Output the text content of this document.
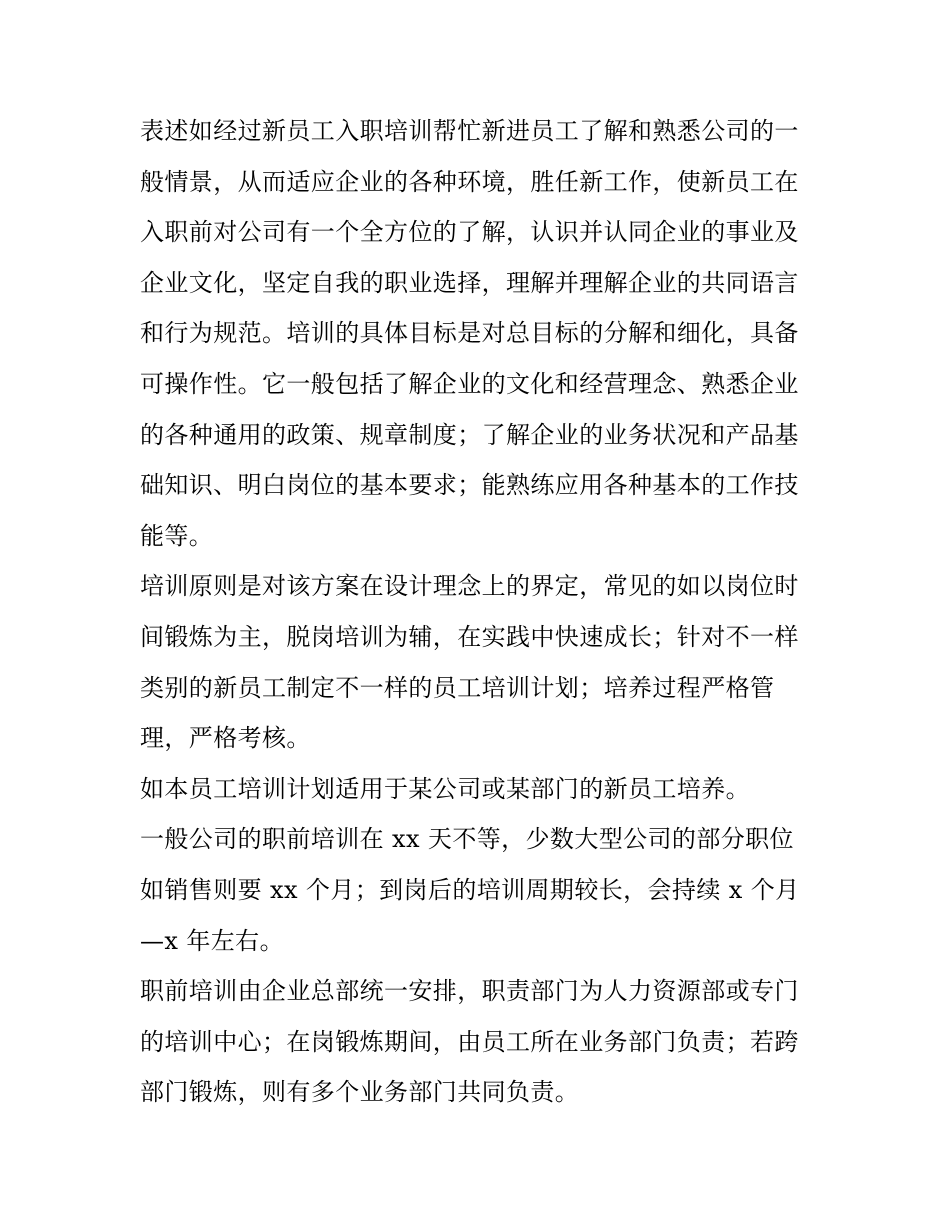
表述如经过新员工入职培训帮忙新进员工了解和熟悉公司的一
般情景，从而适应企业的各种环境，胜任新工作，使新员工在
入职前对公司有一个全方位的了解，认识并认同企业的事业及
企业文化，坚定自我的职业选择，理解并理解企业的共同语言
和行为规范。培训的具体目标是对总目标的分解和细化，具备
可操作性。它一般包括了解企业的文化和经营理念、熟悉企业
的各种通用的政策、规章制度；了解企业的业务状况和产品基
础知识、明白岗位的基本要求；能熟练应用各种基本的工作技
能等。

培训原则是对该方案在设计理念上的界定，常见的如以岗位时
间锻炼为主，脱岗培训为辅，在实践中快速成长；针对不一样
类别的新员工制定不一样的员工培训计划；培养过程严格管
理，严格考核。

如本员工培训计划适用于某公司或某部门的新员工培养。

一般公司的职前培训在 xx 天不等，少数大型公司的部分职位
如销售则要 xx 个月；到岗后的培训周期较长，会持续 x 个月
—x 年左右。

职前培训由企业总部统一安排，职责部门为人力资源部或专门
的培训中心；在岗锻炼期间，由员工所在业务部门负责；若跨
部门锻炼，则有多个业务部门共同负责。
